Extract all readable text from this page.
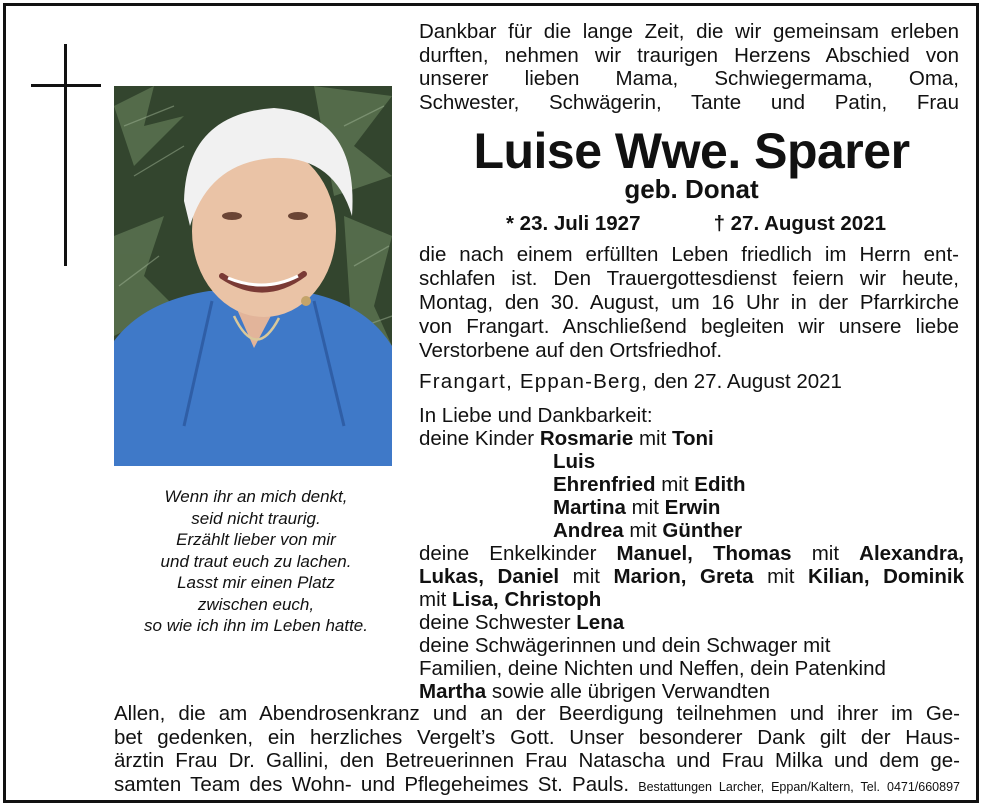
Wenn ihr an mich denkt,
seid nicht traurig.
Erzählt lieber von mir
und traut euch zu lachen.
Lasst mir einen Platz
zwischen euch,
so wie ich ihn im Leben hatte.
Dankbar für die lange Zeit, die wir gemeinsam erleben
durften, nehmen wir traurigen Herzens Abschied von
unserer lieben Mama, Schwiegermama, Oma,
Schwester, Schwägerin, Tante und Patin, Frau
Luise Wwe. Sparer
geb. Donat
* 23. Juli 1927	† 27. August 2021
die nach einem erfüllten Leben friedlich im Herrn ent-
schlafen ist. Den Trauergottesdienst feiern wir heute,
Montag, den 30. August, um 16 Uhr in der Pfarrkirche
von Frangart. Anschließend begleiten wir unsere liebe
Verstorbene auf den Ortsfriedhof.
Frangart, Eppan-Berg, den 27. August 2021
In Liebe und Dankbarkeit:
deine Kinder Rosmarie mit Toni
Luis
Ehrenfried mit Edith
Martina mit Erwin
Andrea mit Günther
deine Enkelkinder Manuel, Thomas mit Alexandra,
Lukas, Daniel mit Marion, Greta mit Kilian, Dominik
mit Lisa, Christoph
deine Schwester Lena
deine Schwägerinnen und dein Schwager mit
Familien, deine Nichten und Neffen, dein Patenkind
Martha sowie alle übrigen Verwandten
Allen, die am Abendrosenkranz und an der Beerdigung teilnehmen und ihrer im Ge-
bet gedenken, ein herzliches Vergelt’s Gott. Unser besonderer Dank gilt der Haus-
ärztin Frau Dr. Gallini, den Betreuerinnen Frau Natascha und Frau Milka und dem ge-
samten Team des Wohn- und Pflegeheimes St. Pauls. Bestattungen Larcher, Eppan/Kaltern, Tel. 0471/660897
